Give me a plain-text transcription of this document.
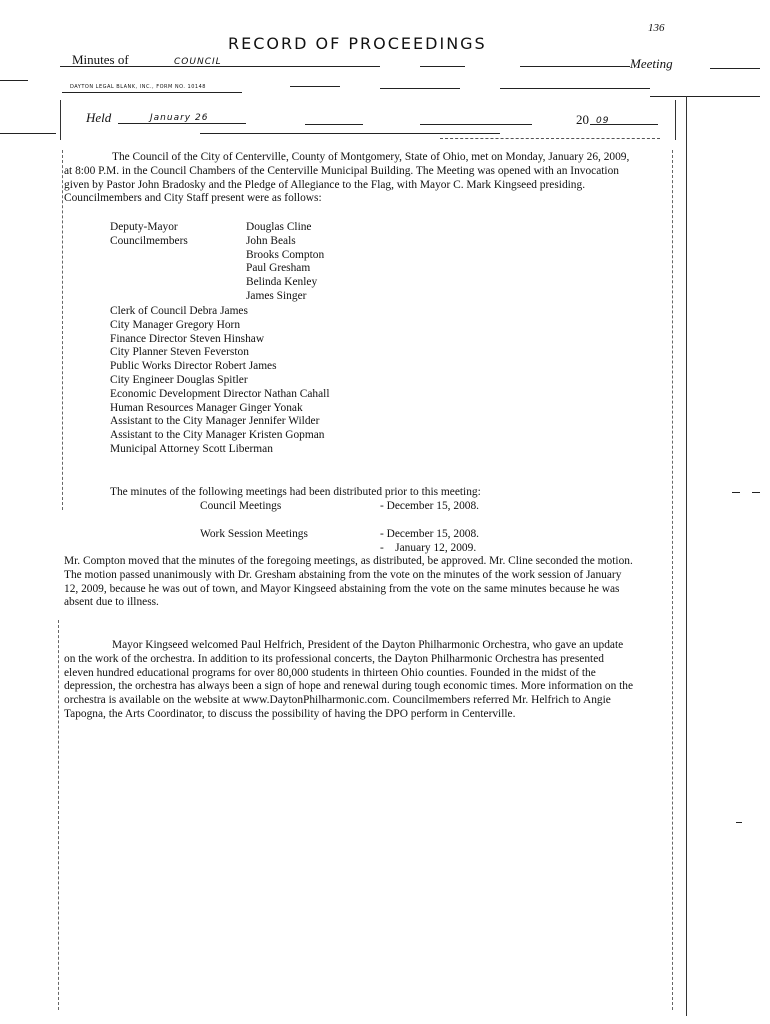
136
RECORD OF PROCEEDINGS
Minutes of	COUNCIL	Meeting
DAYTON LEGAL BLANK, INC., FORM NO. 10148
Held	January 26	20 09
The Council of the City of Centerville, County of Montgomery, State of Ohio, met on Monday, January 26, 2009, at 8:00 P.M. in the Council Chambers of the Centerville Municipal Building. The Meeting was opened with an Invocation given by Pastor John Bradosky and the Pledge of Allegiance to the Flag, with Mayor C. Mark Kingseed presiding. Councilmembers and City Staff present were as follows:
Deputy-Mayor	Douglas Cline
Councilmembers	John Beals
Brooks Compton
Paul Gresham
Belinda Kenley
James Singer
Clerk of Council Debra James
City Manager Gregory Horn
Finance Director Steven Hinshaw
City Planner Steven Feverston
Public Works Director Robert James
City Engineer Douglas Spitler
Economic Development Director Nathan Cahall
Human Resources Manager Ginger Yonak
Assistant to the City Manager Jennifer Wilder
Assistant to the City Manager Kristen Gopman
Municipal Attorney Scott Liberman
The minutes of the following meetings had been distributed prior to this meeting:
Council Meetings	- December 15, 2008.
Work Session Meetings	- December 15, 2008.
-    January 12, 2009.
Mr. Compton moved that the minutes of the foregoing meetings, as distributed, be approved. Mr. Cline seconded the motion. The motion passed unanimously with Dr. Gresham abstaining from the vote on the minutes of the work session of January 12, 2009, because he was out of town, and Mayor Kingseed abstaining from the vote on the same minutes because he was absent due to illness.
Mayor Kingseed welcomed Paul Helfrich, President of the Dayton Philharmonic Orchestra, who gave an update on the work of the orchestra. In addition to its professional concerts, the Dayton Philharmonic Orchestra has presented eleven hundred educational programs for over 80,000 students in thirteen Ohio counties. Founded in the midst of the depression, the orchestra has always been a sign of hope and renewal during tough economic times. More information on the orchestra is available on the website at www.DaytonPhilharmonic.com. Councilmembers referred Mr. Helfrich to Angie Tapogna, the Arts Coordinator, to discuss the possibility of having the DPO perform in Centerville.
